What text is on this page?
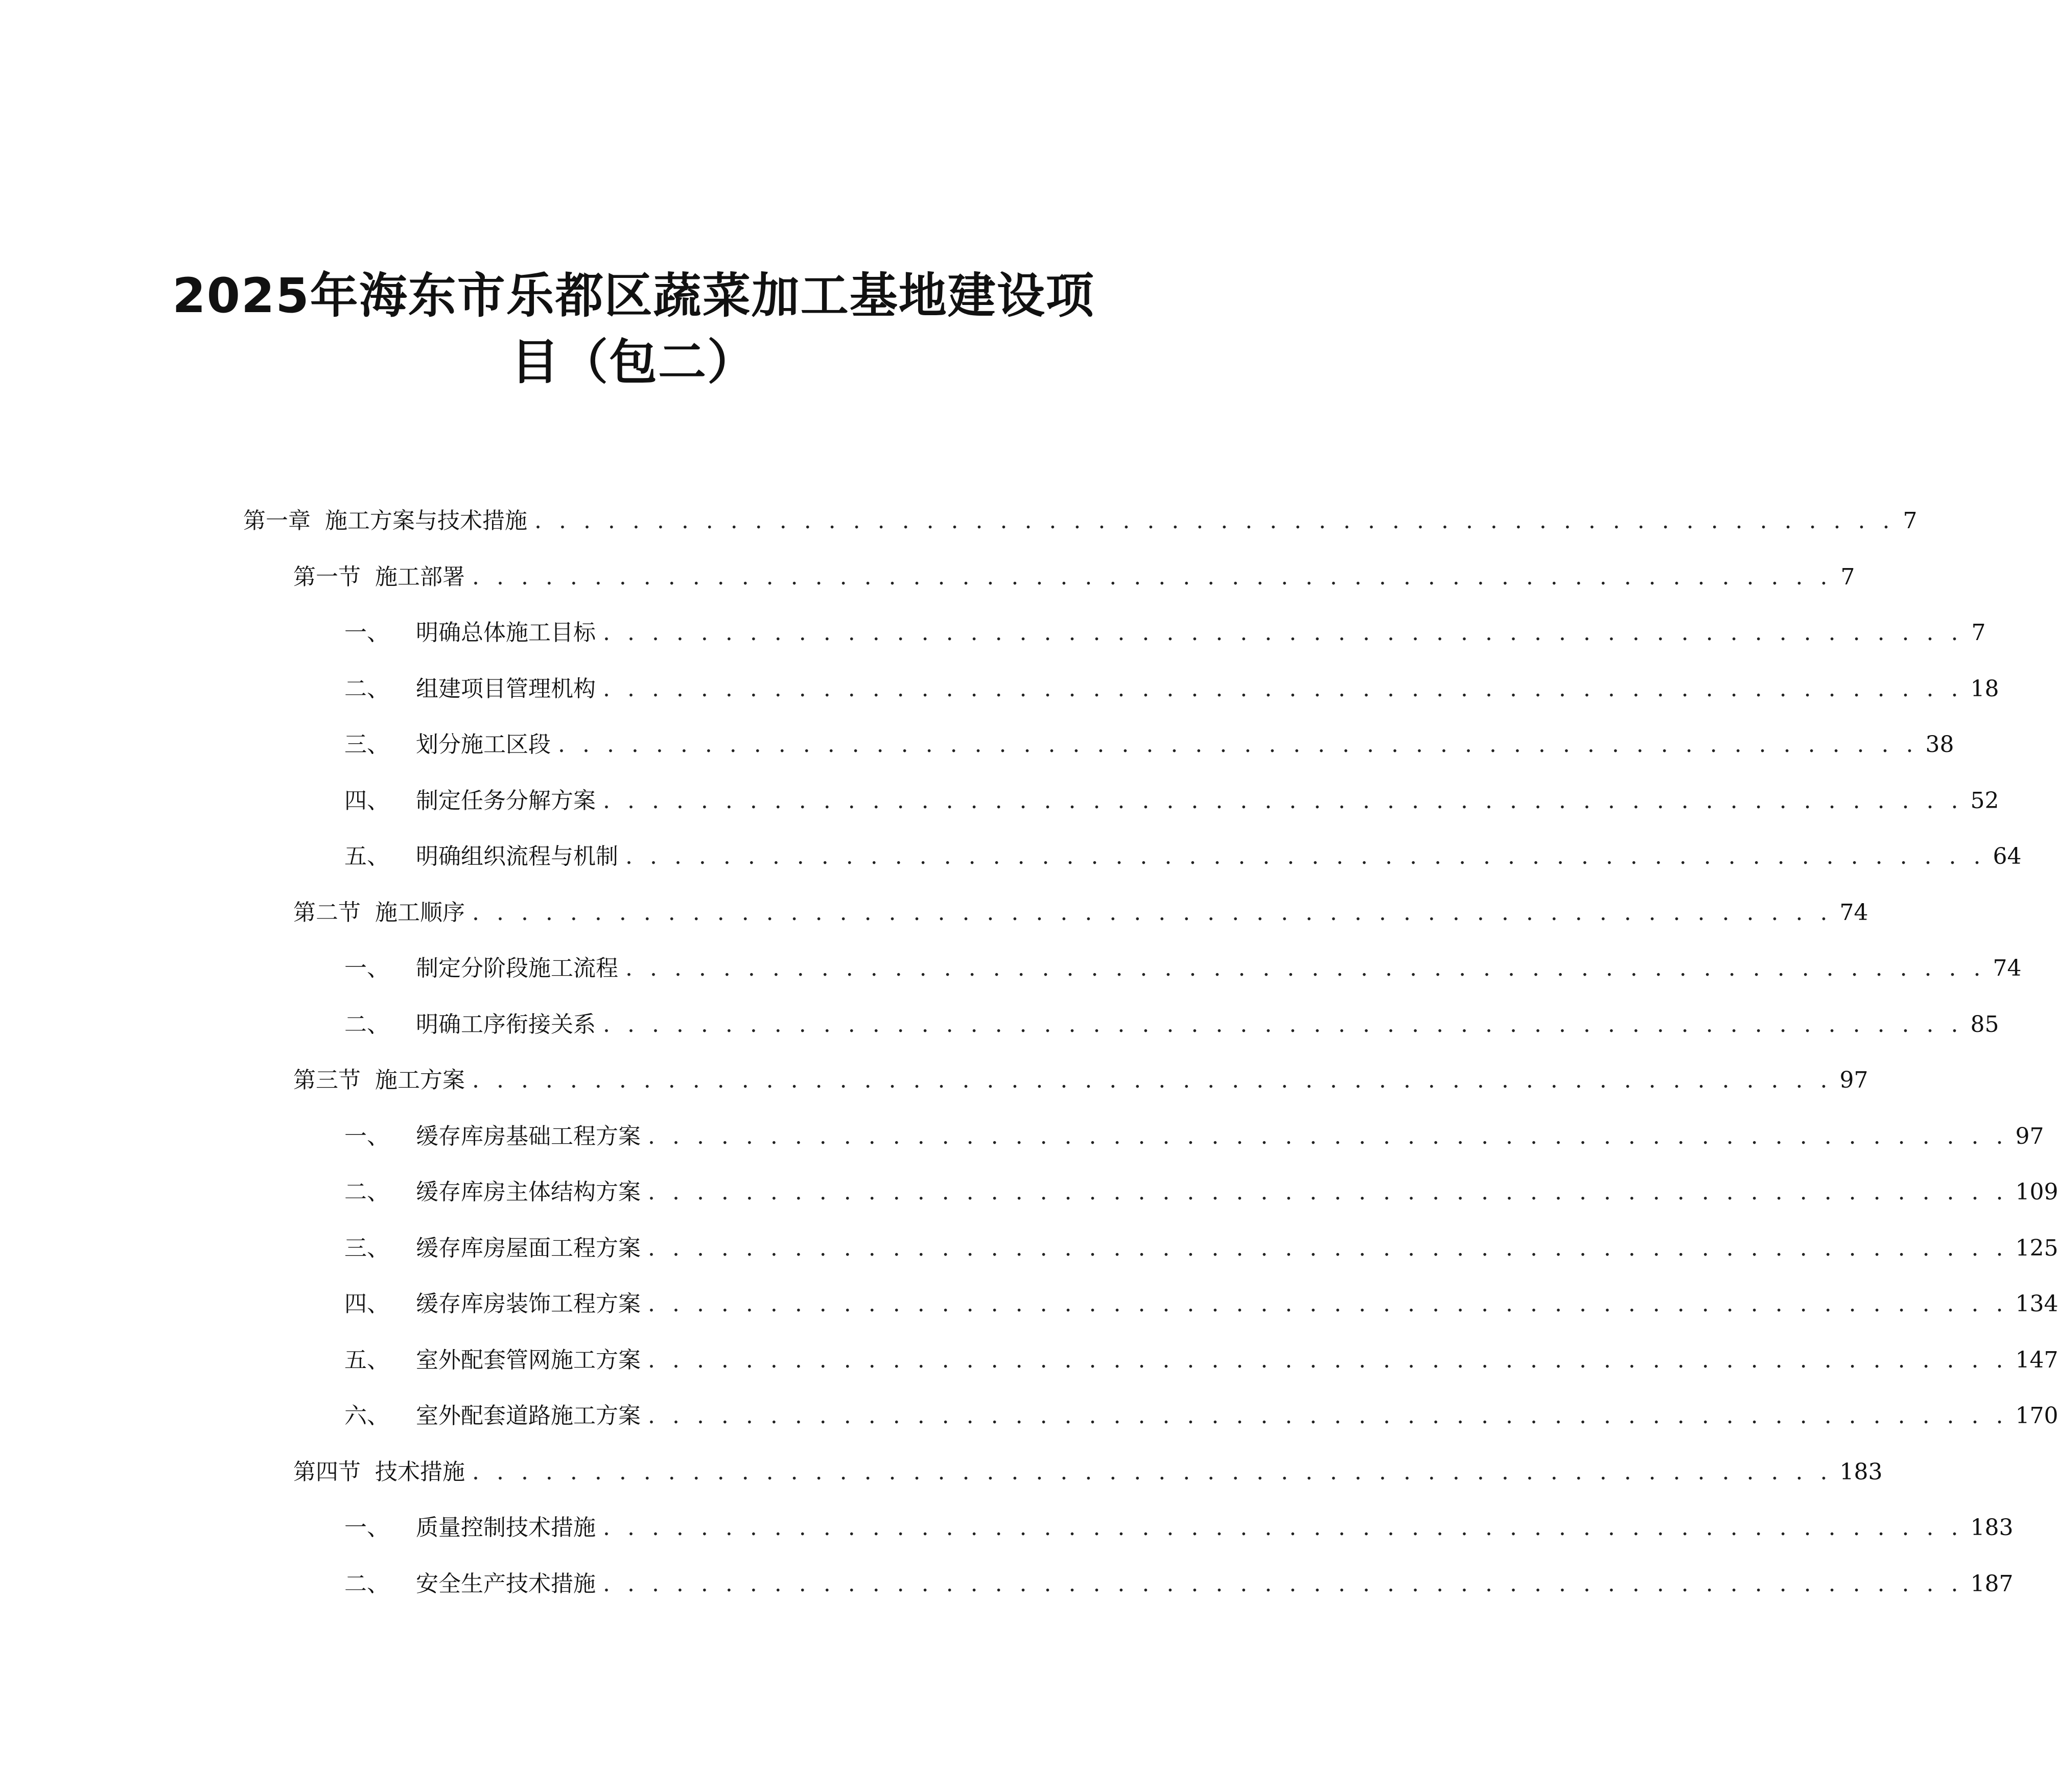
2025年海东市乐都区蔬菜加工基地建设项
目（包二）
第一章 施工方案与技术措施 . . . . . . . . . . . . . . . . . . . . . . . . . . . . . . . . . . . . . . . . . . . . . . . . . . . . . . . . 7
第一节 施工部署 . . . . . . . . . . . . . . . . . . . . . . . . . . . . . . . . . . . . . . . . . . . . . . . . . . . . . . . . 7
一、 明确总体施工目标 . . . . . . . . . . . . . . . . . . . . . . . . . . . . . . . . . . . . . . . . . . . . . . . . . . . . . . . . 7
二、 组建项目管理机构 . . . . . . . . . . . . . . . . . . . . . . . . . . . . . . . . . . . . . . . . . . . . . . . . . . . . . . . . 18
三、 划分施工区段 . . . . . . . . . . . . . . . . . . . . . . . . . . . . . . . . . . . . . . . . . . . . . . . . . . . . . . . . 38
四、 制定任务分解方案 . . . . . . . . . . . . . . . . . . . . . . . . . . . . . . . . . . . . . . . . . . . . . . . . . . . . . . . . 52
五、 明确组织流程与机制 . . . . . . . . . . . . . . . . . . . . . . . . . . . . . . . . . . . . . . . . . . . . . . . . . . . . . . . . 64
第二节 施工顺序 . . . . . . . . . . . . . . . . . . . . . . . . . . . . . . . . . . . . . . . . . . . . . . . . . . . . . . . . 74
一、 制定分阶段施工流程 . . . . . . . . . . . . . . . . . . . . . . . . . . . . . . . . . . . . . . . . . . . . . . . . . . . . . . . . 74
二、 明确工序衔接关系 . . . . . . . . . . . . . . . . . . . . . . . . . . . . . . . . . . . . . . . . . . . . . . . . . . . . . . . . 85
第三节 施工方案 . . . . . . . . . . . . . . . . . . . . . . . . . . . . . . . . . . . . . . . . . . . . . . . . . . . . . . . . 97
一、 缓存库房基础工程方案 . . . . . . . . . . . . . . . . . . . . . . . . . . . . . . . . . . . . . . . . . . . . . . . . . . . . . . . . 97
二、 缓存库房主体结构方案 . . . . . . . . . . . . . . . . . . . . . . . . . . . . . . . . . . . . . . . . . . . . . . . . . . . . . . . . 109
三、 缓存库房屋面工程方案 . . . . . . . . . . . . . . . . . . . . . . . . . . . . . . . . . . . . . . . . . . . . . . . . . . . . . . . . 125
四、 缓存库房装饰工程方案 . . . . . . . . . . . . . . . . . . . . . . . . . . . . . . . . . . . . . . . . . . . . . . . . . . . . . . . . 134
五、 室外配套管网施工方案 . . . . . . . . . . . . . . . . . . . . . . . . . . . . . . . . . . . . . . . . . . . . . . . . . . . . . . . . 147
六、 室外配套道路施工方案 . . . . . . . . . . . . . . . . . . . . . . . . . . . . . . . . . . . . . . . . . . . . . . . . . . . . . . . . 170
第四节 技术措施 . . . . . . . . . . . . . . . . . . . . . . . . . . . . . . . . . . . . . . . . . . . . . . . . . . . . . . . . 183
一、 质量控制技术措施 . . . . . . . . . . . . . . . . . . . . . . . . . . . . . . . . . . . . . . . . . . . . . . . . . . . . . . . . 183
二、 安全生产技术措施 . . . . . . . . . . . . . . . . . . . . . . . . . . . . . . . . . . . . . . . . . . . . . . . . . . . . . . . . 187
